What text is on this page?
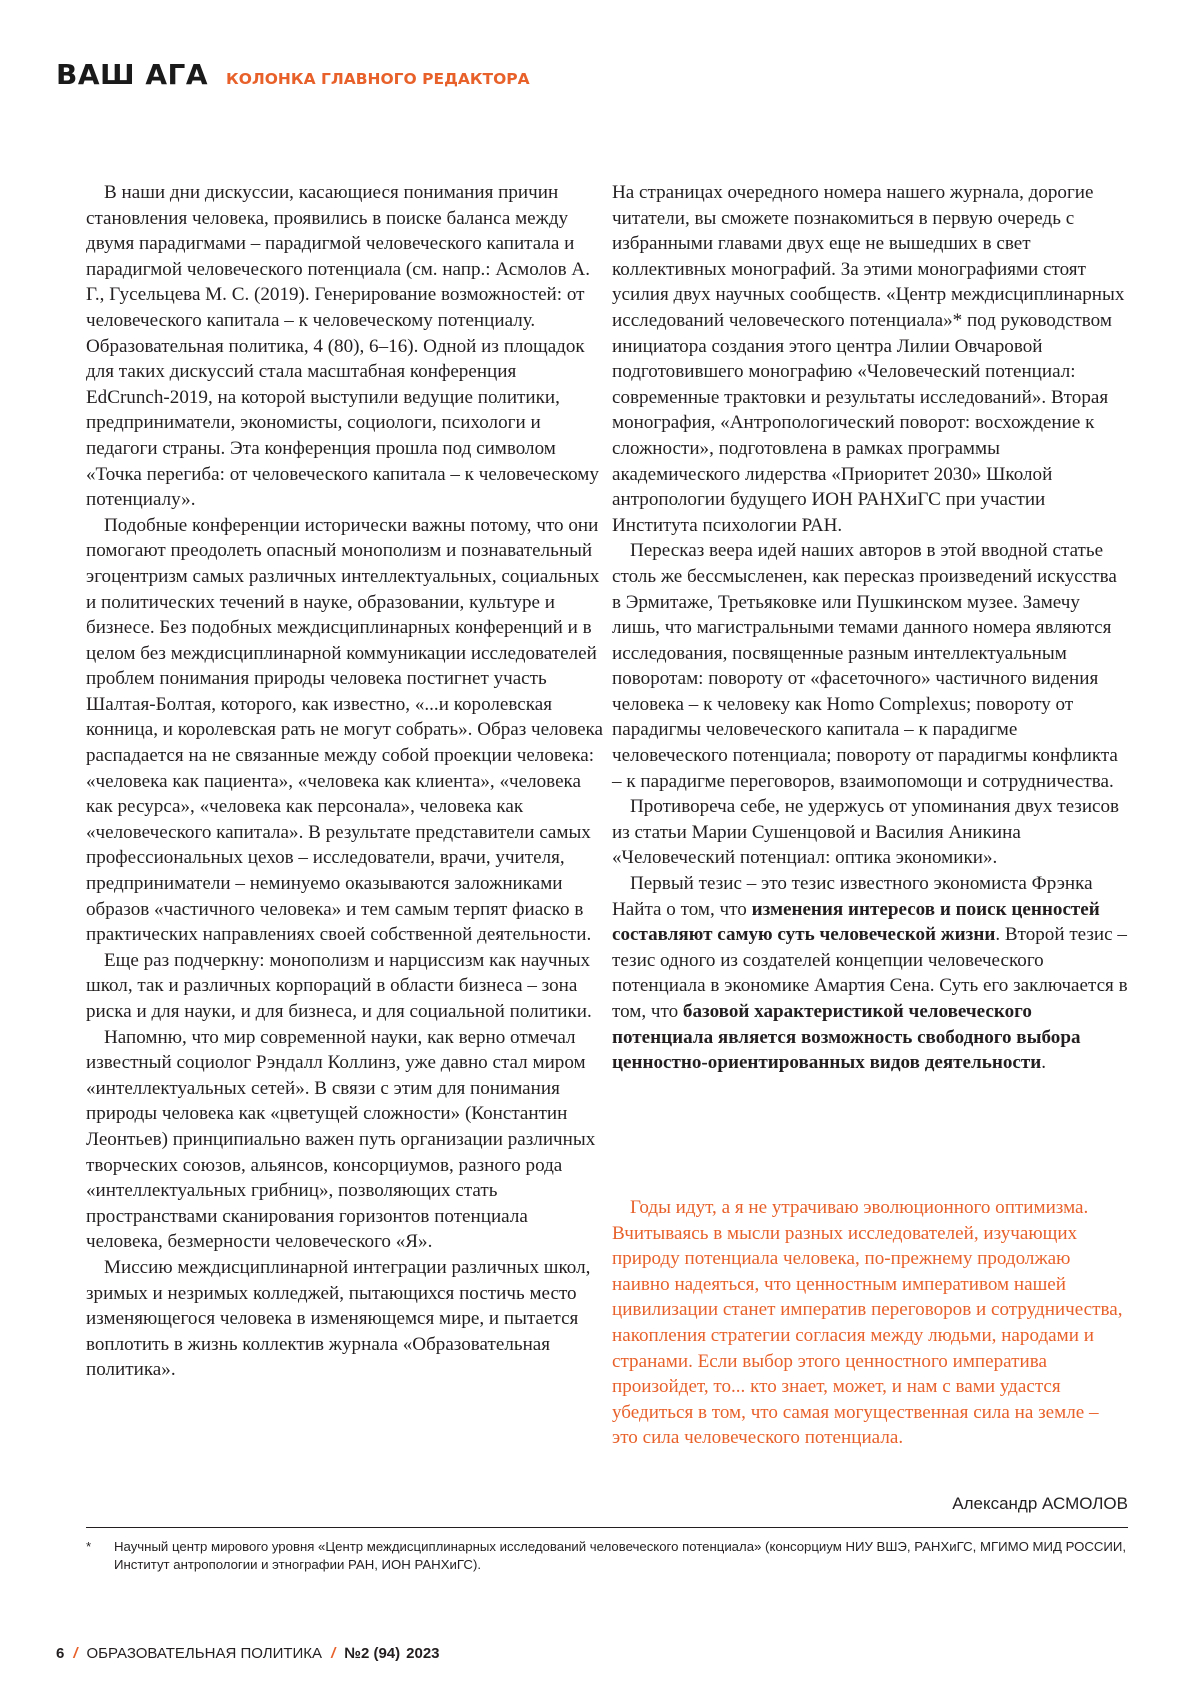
ВАШ АГА КОЛОНКА ГЛАВНОГО РЕДАКТОРА

В наши дни дискуссии, касающиеся понимания причин становления человека, проявились в поиске баланса между двумя парадигмами – парадигмой человеческого капитала и парадигмой человеческого потенциала (см. напр.: Асмолов А. Г., Гусельцева М. С. (2019). Генерирование возможностей: от человеческого капитала – к человеческому потенциалу. Образовательная политика, 4 (80), 6–16). Одной из площадок для таких дискуссий стала масштабная конференция EdCrunch-2019, на которой выступили ведущие политики, предприниматели, экономисты, социологи, психологи и педагоги страны. Эта конференция прошла под символом «Точка перегиба: от человеческого капитала – к человеческому потенциалу».

Подобные конференции исторически важны потому, что они помогают преодолеть опасный монополизм и познавательный эгоцентризм самых различных интеллектуальных, социальных и политических течений в науке, образовании, культуре и бизнесе. Без подобных междисциплинарных конференций и в целом без междисциплинарной коммуникации исследователей проблем понимания природы человека постигнет участь Шалтая-Болтая, которого, как известно, «...и королевская конница, и королевская рать не могут собрать». Образ человека распадается на не связанные между собой проекции человека: «человека как пациента», «человека как клиента», «человека как ресурса», «человека как персонала», человека как «человеческого капитала». В результате представители самых профессиональных цехов – исследователи, врачи, учителя, предприниматели – неминуемо оказываются заложниками образов «частичного человека» и тем самым терпят фиаско в практических направлениях своей собственной деятельности.

Еще раз подчеркну: монополизм и нарциссизм как научных школ, так и различных корпораций в области бизнеса – зона риска и для науки, и для бизнеса, и для социальной политики.

Напомню, что мир современной науки, как верно отмечал известный социолог Рэндалл Коллинз, уже давно стал миром «интеллектуальных сетей». В связи с этим для понимания природы человека как «цветущей сложности» (Константин Леонтьев) принципиально важен путь организации различных творческих союзов, альянсов, консорциумов, разного рода «интеллектуальных грибниц», позволяющих стать пространствами сканирования горизонтов потенциала человека, безмерности человеческого «Я».

Миссию междисциплинарной интеграции различных школ, зримых и незримых колледжей, пытающихся постичь место изменяющегося человека в изменяющемся мире, и пытается воплотить в жизнь коллектив журнала «Образовательная политика».

На страницах очередного номера нашего журнала, дорогие читатели, вы сможете познакомиться в первую очередь с избранными главами двух еще не вышедших в свет коллективных монографий. За этими монографиями стоят усилия двух научных сообществ. «Центр междисциплинарных исследований человеческого потенциала»* под руководством инициатора создания этого центра Лилии Овчаровой подготовившего монографию «Человеческий потенциал: современные трактовки и результаты исследований». Вторая монография, «Антропологический поворот: восхождение к сложности», подготовлена в рамках программы академического лидерства «Приоритет 2030» Школой антропологии будущего ИОН РАНХиГС при участии Института психологии РАН.

Пересказ веера идей наших авторов в этой вводной статье столь же бессмысленен, как пересказ произведений искусства в Эрмитаже, Третьяковке или Пушкинском музее. Замечу лишь, что магистральными темами данного номера являются исследования, посвященные разным интеллектуальным поворотам: повороту от «фасеточного» частичного видения человека – к человеку как Homo Complexus; повороту от парадигмы человеческого капитала – к парадигме человеческого потенциала; повороту от парадигмы конфликта – к парадигме переговоров, взаимопомощи и сотрудничества.

Противореча себе, не удержусь от упоминания двух тезисов из статьи Марии Сушенцовой и Василия Аникина «Человеческий потенциал: оптика экономики».

Первый тезис – это тезис известного экономиста Фрэнка Найта о том, что изменения интересов и поиск ценностей составляют самую суть человеческой жизни. Второй тезис – тезис одного из создателей концепции человеческого потенциала в экономике Амартия Сена. Суть его заключается в том, что базовой характеристикой человеческого потенциала является возможность свободного выбора ценностно-ориентированных видов деятельности.

Годы идут, а я не утрачиваю эволюционного оптимизма. Вчитываясь в мысли разных исследователей, изучающих природу потенциала человека, по-прежнему продолжаю наивно надеяться, что ценностным императивом нашей цивилизации станет императив переговоров и сотрудничества, накопления стратегии согласия между людьми, народами и странами. Если выбор этого ценностного императива произойдет, то... кто знает, может, и нам с вами удастся убедиться в том, что самая могущественная сила на земле – это сила человеческого потенциала.

Александр АСМОЛОВ
* Научный центр мирового уровня «Центр междисциплинарных исследований человеческого потенциала» (консорциум НИУ ВШЭ, РАНХиГС, МГИМО МИД РОССИИ, Институт антропологии и этнографии РАН, ИОН РАНХиГС).
6 / ОБРАЗОВАТЕЛЬНАЯ ПОЛИТИКА / №2 (94) 2023
